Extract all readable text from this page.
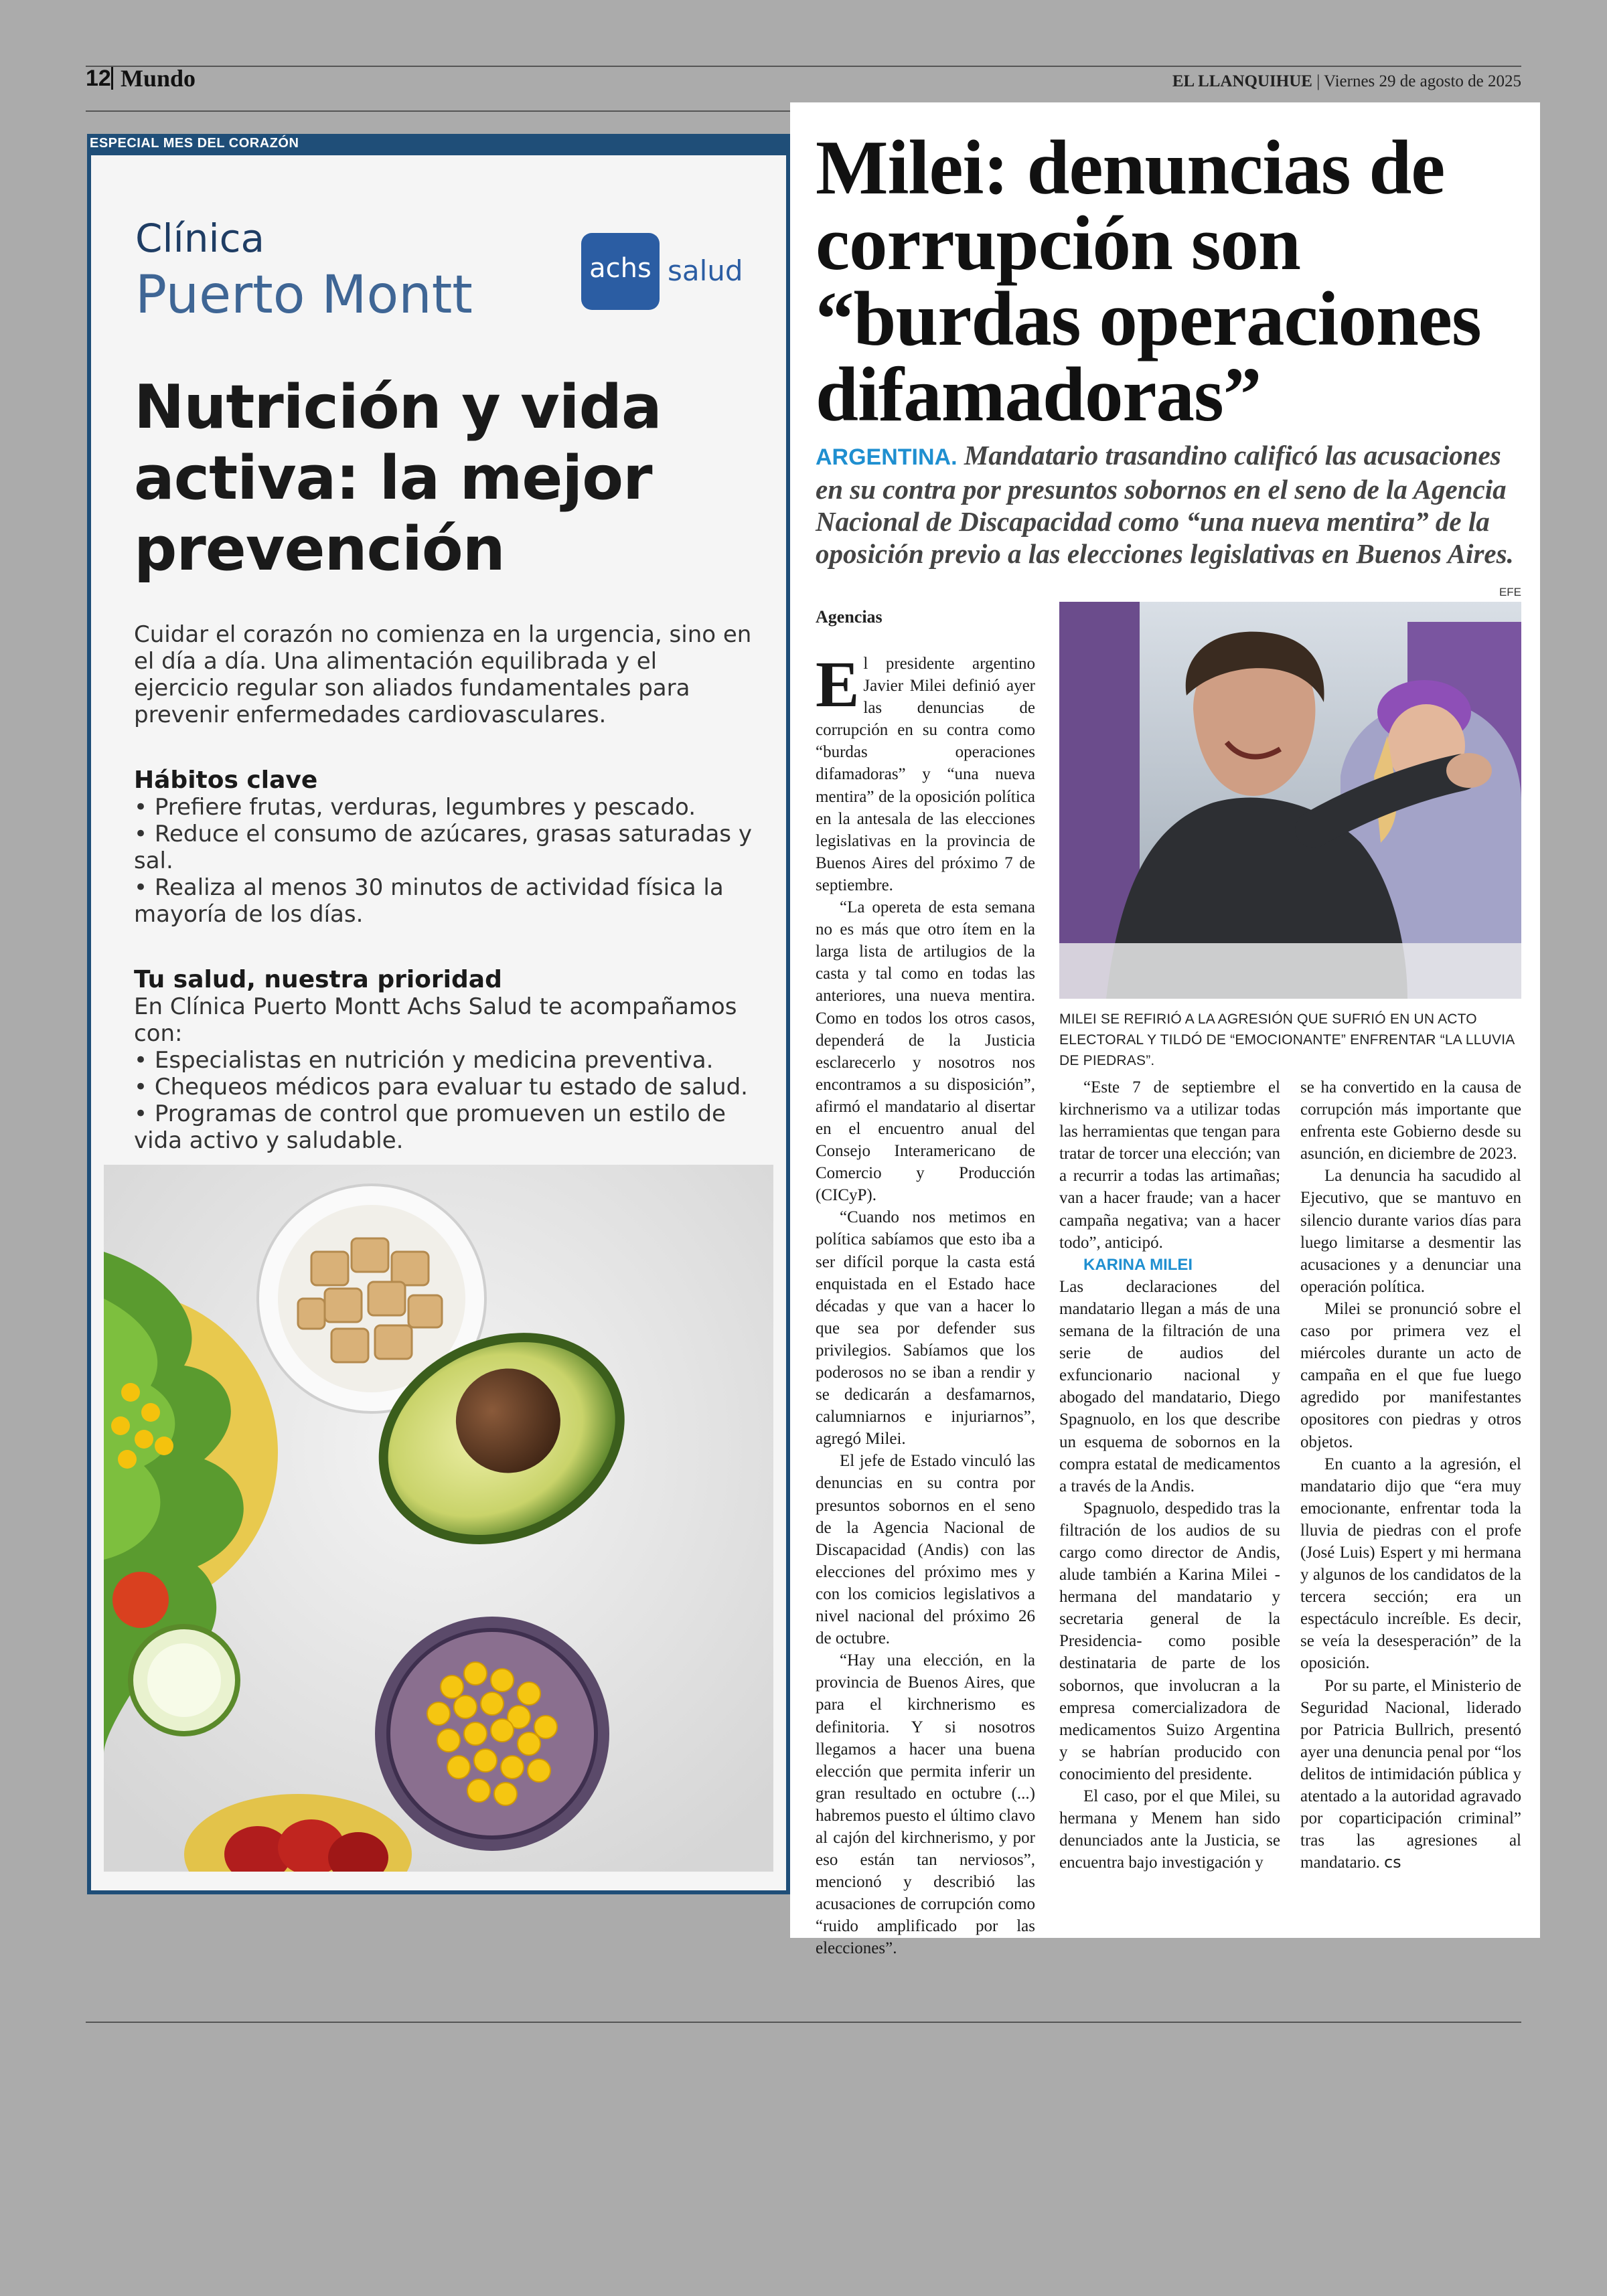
12 Mundo	EL LLANQUIHUE | Viernes 29 de agosto de 2025
ESPECIAL MES DEL CORAZÓN
Clínica
Puerto Montt	achs salud
Nutrición y vida activa: la mejor prevención

Cuidar el corazón no comienza en la urgencia, sino en el día a día. Una alimentación equilibrada y el ejercicio regular son aliados fundamentales para prevenir enfermedades cardiovasculares.

Hábitos clave

• Prefiere frutas, verduras, legumbres y pescado.

• Reduce el consumo de azúcares, grasas saturadas y sal.

• Realiza al menos 30 minutos de actividad física la mayoría de los días.

Tu salud, nuestra prioridad

En Clínica Puerto Montt Achs Salud te acompañamos con:

• Especialistas en nutrición y medicina preventiva.

• Chequeos médicos para evaluar tu estado de salud.

• Programas de control que promueven un estilo de vida activo y saludable.

Milei: denuncias de corrupción son “burdas operaciones difamadoras”
ARGENTINA. Mandatario trasandino calificó las acusaciones en su contra por presuntos sobornos en el seno de la Agencia Nacional de Discapacidad como “una nueva mentira” de la oposición previo a las elecciones legislativas en Buenos Aires.
Agencias
EFE
MILEI SE REFIRIÓ A LA AGRESIÓN QUE SUFRIÓ EN UN ACTO ELECTORAL Y TILDÓ DE “EMOCIONANTE” ENFRENTAR “LA LLUVIA DE PIEDRAS”.

El presidente argentino Javier Milei definió ayer las denuncias de corrupción en su contra como “burdas operaciones difamadoras” y “una nueva mentira” de la oposición política en la antesala de las elecciones legislativas en la provincia de Buenos Aires del próximo 7 de septiembre.

“La opereta de esta semana no es más que otro ítem en la larga lista de artilugios de la casta y tal como en todas las anteriores, una nueva mentira. Como en todos los otros casos, dependerá de la Justicia esclarecerlo y nosotros nos encontramos a su disposición”, afirmó el mandatario al disertar en el encuentro anual del Consejo Interamericano de Comercio y Producción (CICyP).

“Cuando nos metimos en política sabíamos que esto iba a ser difícil porque la casta está enquistada en el Estado hace décadas y que van a hacer lo que sea por defender sus privilegios. Sabíamos que los poderosos no se iban a rendir y se dedicarán a desfamarnos, calumniarnos e injuriarnos”, agregó Milei.

El jefe de Estado vinculó las denuncias en su contra por presuntos sobornos en el seno de la Agencia Nacional de Discapacidad (Andis) con las elecciones del próximo mes y con los comicios legislativos a nivel nacional del próximo 26 de octubre.

“Hay una elección, en la provincia de Buenos Aires, que para el kirchnerismo es definitoria. Y si nosotros llegamos a hacer una buena elección que permita inferir un gran resultado en octubre (...) habremos puesto el último clavo al cajón del kirchnerismo, y por eso están tan nerviosos”, mencionó y describió las acusaciones de corrupción como “ruido amplificado por las elecciones”.

“Este 7 de septiembre el kirchnerismo va a utilizar todas las herramientas que tengan para tratar de torcer una elección; van a recurrir a todas las artimañas; van a hacer fraude; van a hacer campaña negativa; van a hacer todo”, anticipó.

KARINA MILEI

Las declaraciones del mandatario llegan a más de una semana de la filtración de una serie de audios del exfuncionario nacional y abogado del mandatario, Diego Spagnuolo, en los que describe un esquema de sobornos en la compra estatal de medicamentos a través de la Andis.

Spagnuolo, despedido tras la filtración de los audios de su cargo como director de Andis, alude también a Karina Milei -hermana del mandatario y secretaria general de la Presidencia- como posible destinataria de parte de los sobornos, que involucran a la empresa comercializadora de medicamentos Suizo Argentina y se habrían producido con conocimiento del presidente.

El caso, por el que Milei, su hermana y Menem han sido denunciados ante la Justicia, se encuentra bajo investigación y

se ha convertido en la causa de corrupción más importante que enfrenta este Gobierno desde su asunción, en diciembre de 2023.

La denuncia ha sacudido al Ejecutivo, que se mantuvo en silencio durante varios días para luego limitarse a desmentir las acusaciones y a denunciar una operación política.

Milei se pronunció sobre el caso por primera vez el miércoles durante un acto de campaña en el que fue luego agredido por manifestantes opositores con piedras y otros objetos.

En cuanto a la agresión, el mandatario dijo que “era muy emocionante, enfrentar toda la lluvia de piedras con el profe (José Luis) Espert y mi hermana y algunos de los candidatos de la tercera sección; era un espectáculo increíble. Es decir, se veía la desesperación” de la oposición.

Por su parte, el Ministerio de Seguridad Nacional, liderado por Patricia Bullrich, presentó ayer una denuncia penal por “los delitos de intimidación pública y atentado a la autoridad agravado por coparticipación criminal” tras las agresiones al mandatario. cs
